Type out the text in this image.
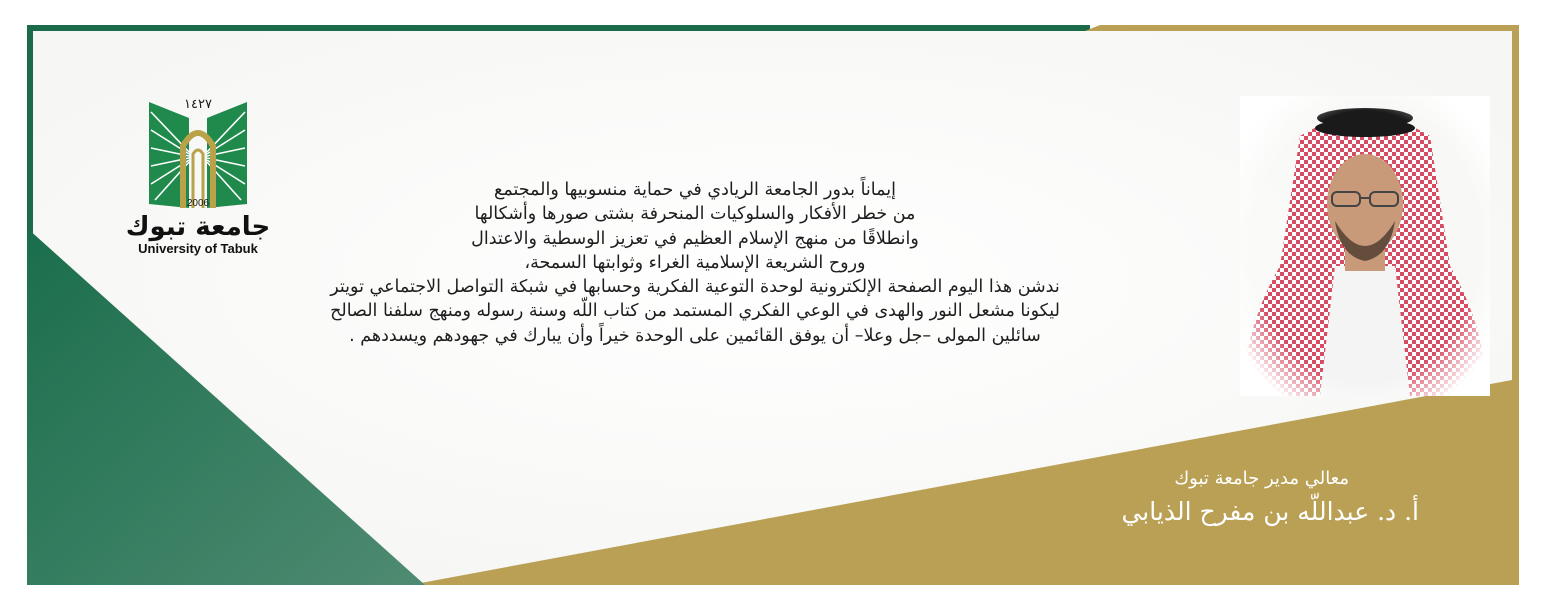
١٤٢٧
2006
جامعة تبوك
University of Tabuk
إيماناً بدور الجامعة الريادي في حماية منسوبيها والمجتمع
من خطر الأفكار والسلوكيات المنحرفة بشتى صورها وأشكالها
وانطلاقًا من منهج الإسلام العظيم في تعزيز الوسطية والاعتدال
وروح الشريعة الإسلامية الغراء وثوابتها السمحة،
ندشن هذا اليوم الصفحة الإلكترونية لوحدة التوعية الفكرية وحسابها في شبكة التواصل الاجتماعي تويتر
ليكونا مشعل النور والهدى في الوعي الفكري المستمد من كتاب اللّه وسنة رسوله ومنهج سلفنا الصالح
سائلين المولى –جل وعلا– أن يوفق القائمين على الوحدة خيراً وأن يبارك في جهودهم ويسددهم .
معالي مدير جامعة تبوك
أ. د. عبداللّه بن مفرح الذيابي
